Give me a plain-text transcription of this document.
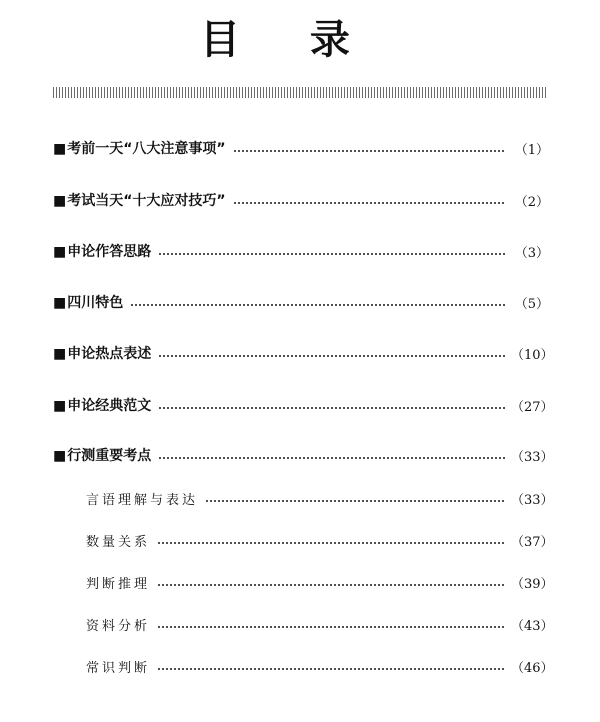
目 录
■考前一天“八大注意事项”	（1）
■考试当天“十大应对技巧”	（2）
■申论作答思路	（3）
■四川特色	（5）
■申论热点表述	（10）
■申论经典范文	（27）
■行测重要考点	（33）
言语理解与表达	（33）
数量关系	（37）
判断推理	（39）
资料分析	（43）
常识判断	（46）
